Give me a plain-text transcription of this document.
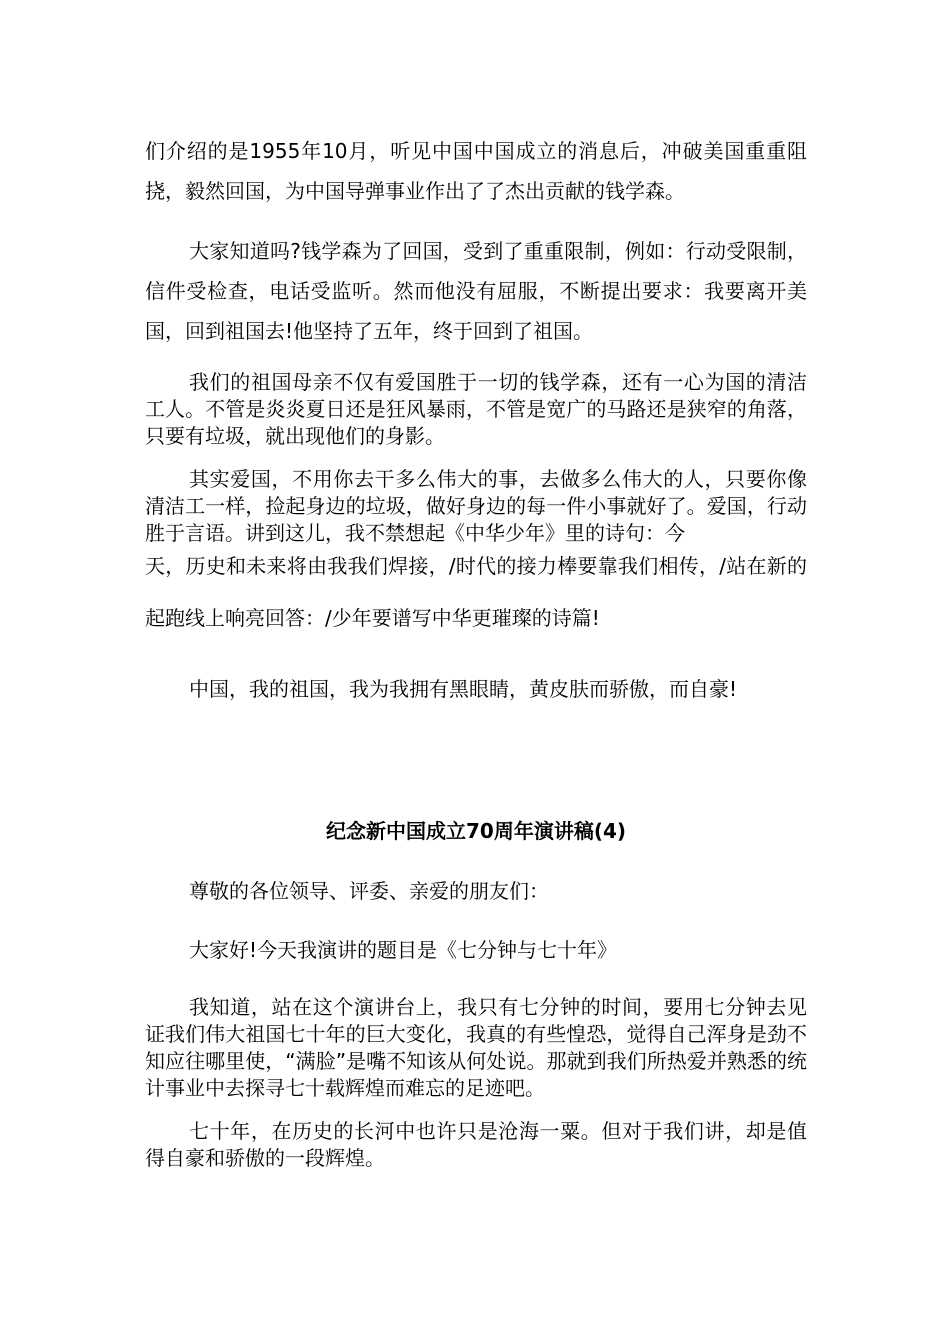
们介绍的是1955年10月，听见中国中国成立的消息后，冲破美国重重阻挠，毅然回国，为中国导弹事业作出了了杰出贡献的钱学森。

大家知道吗?钱学森为了回国，受到了重重限制，例如：行动受限制，信件受检查，电话受监听。然而他没有屈服，不断提出要求：我要离开美国，回到祖国去!他坚持了五年，终于回到了祖国。

我们的祖国母亲不仅有爱国胜于一切的钱学森，还有一心为国的清洁工人。不管是炎炎夏日还是狂风暴雨，不管是宽广的马路还是狭窄的角落，只要有垃圾，就出现他们的身影。

其实爱国，不用你去干多么伟大的事，去做多么伟大的人，只要你像清洁工一样，捡起身边的垃圾，做好身边的每一件小事就好了。爱国，行动胜于言语。讲到这儿，我不禁想起《中华少年》里的诗句：今

天，历史和未来将由我我们焊接，/时代的接力棒要靠我们相传，/站在新的起跑线上响亮回答：/少年要谱写中华更璀璨的诗篇!

中国，我的祖国，我为我拥有黑眼睛，黄皮肤而骄傲，而自豪!

纪念新中国成立70周年演讲稿(4)

尊敬的各位领导、评委、亲爱的朋友们：

大家好!今天我演讲的题目是《七分钟与七十年》

我知道，站在这个演讲台上，我只有七分钟的时间，要用七分钟去见证我们伟大祖国七十年的巨大变化，我真的有些惶恐，觉得自己浑身是劲不知应往哪里使，“满脸”是嘴不知该从何处说。那就到我们所热爱并熟悉的统计事业中去探寻七十载辉煌而难忘的足迹吧。

七十年，在历史的长河中也许只是沧海一粟。但对于我们讲，却是值得自豪和骄傲的一段辉煌。
